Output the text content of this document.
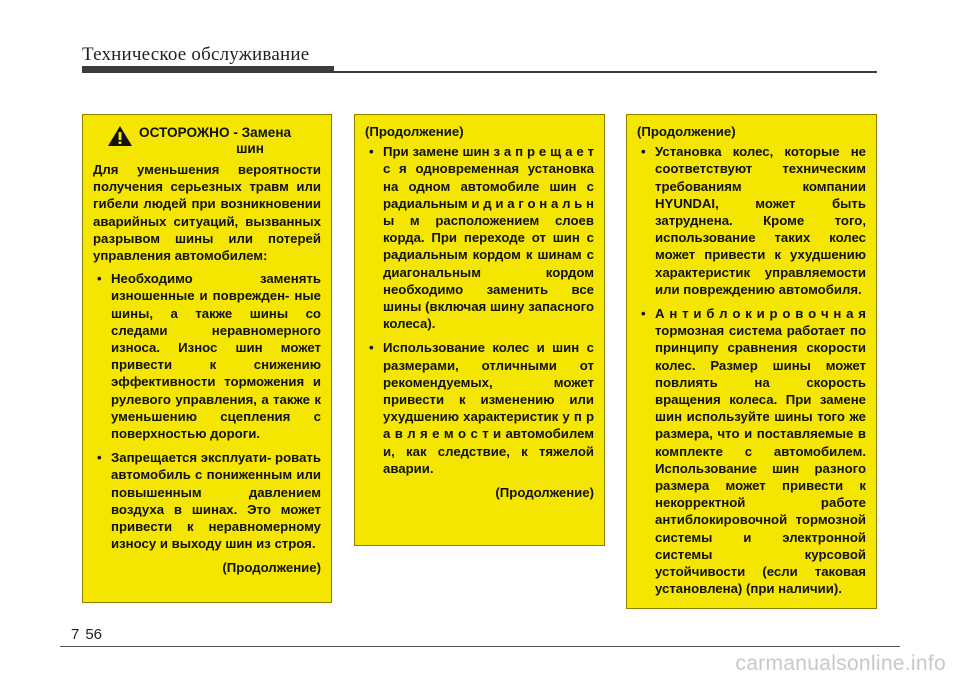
Техническое обслуживание
ОСТОРОЖНО - Замена
шин

Для уменьшения вероятности получения серьезных травм или гибели людей при возникновении аварийных ситуаций, вызванных разрывом шины или потерей управления автомобилем:

• Необходимо заменять изношенные и поврежден- ные шины, а также шины со следами неравномерного износа. Износ шин может привести к снижению эффективности торможения и рулевого управления, а также к уменьшению сцепления с поверхностью дороги.
• Запрещается эксплуати- ровать автомобиль с пониженным или повышенным давлением воздуха в шинах. Это может привести к неравномерному износу и выходу шин из строя.
(Продолжение)
(Продолжение)
• При замене шин з а п р е щ а е т с я одновременная установка на одном автомобиле шин с радиальным и д и а г о н а л ь н ы м расположением слоев корда. При переходе от шин с радиальным кордом к шинам с диагональным кордом необходимо заменить все шины (включая шину запасного колеса).
• Использование колес и шин с размерами, отличными от рекомендуемых, может привести к изменению или ухудшению характеристик у п р а в л я е м о с т и автомобилем и, как следствие, к тяжелой аварии.
(Продолжение)
(Продолжение)
• Установка колес, которые не соответствуют техническим требованиям компании HYUNDAI, может быть затруднена. Кроме того, использование таких колес может привести к ухудшению характеристик управляемости или повреждению автомобиля.
• А н т и б л о к и р о в о ч н а я тормозная система работает по принципу сравнения скорости колес. Размер шины может повлиять на скорость вращения колеса. При замене шин используйте шины того же размера, что и поставляемые в комплекте с автомобилем. Использование шин разного размера может привести к некорректной работе антиблокировочной тормозной системы и электронной системы курсовой устойчивости (если таковая установлена) (при наличии).
7 56
carmanualsonline.info
